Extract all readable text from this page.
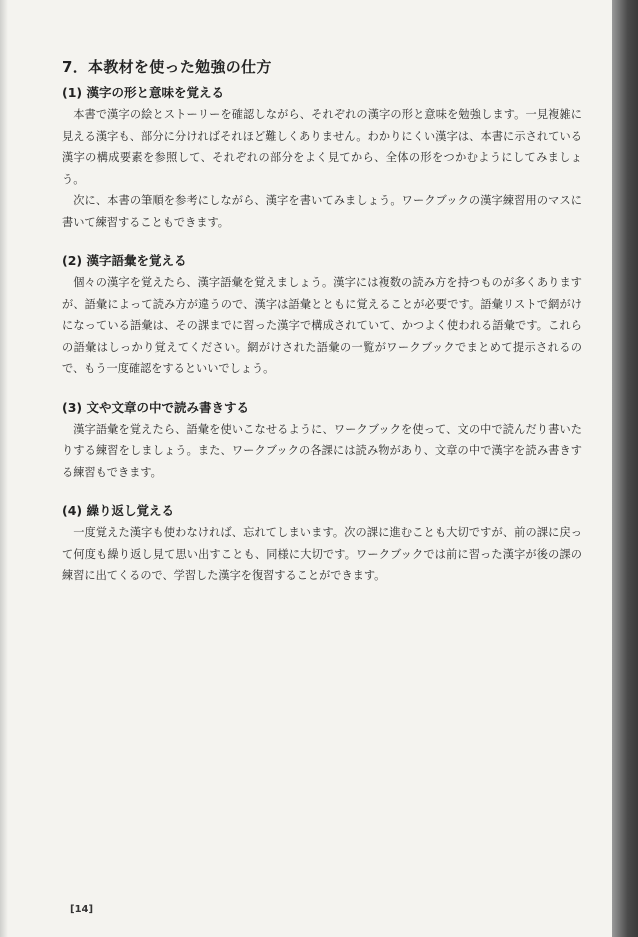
7．本教材を使った勉強の仕方
(1) 漢字の形と意味を覚える

本書で漢字の絵とストーリーを確認しながら、それぞれの漢字の形と意味を勉強します。一見複雑に見える漢字も、部分に分ければそれほど難しくありません。わかりにくい漢字は、本書に示されている漢字の構成要素を参照して、それぞれの部分をよく見てから、全体の形をつかむようにしてみましょう。

次に、本書の筆順を参考にしながら、漢字を書いてみましょう。ワークブックの漢字練習用のマスに書いて練習することもできます。

(2) 漢字語彙を覚える

個々の漢字を覚えたら、漢字語彙を覚えましょう。漢字には複数の読み方を持つものが多くありますが、語彙によって読み方が違うので、漢字は語彙とともに覚えることが必要です。語彙リストで網がけになっている語彙は、その課までに習った漢字で構成されていて、かつよく使われる語彙です。これらの語彙はしっかり覚えてください。網がけされた語彙の一覧がワークブックでまとめて提示されるので、もう一度確認をするといいでしょう。

(3) 文や文章の中で読み書きする

漢字語彙を覚えたら、語彙を使いこなせるように、ワークブックを使って、文の中で読んだり書いたりする練習をしましょう。また、ワークブックの各課には読み物があり、文章の中で漢字を読み書きする練習もできます。

(4) 繰り返し覚える

一度覚えた漢字も使わなければ、忘れてしまいます。次の課に進むことも大切ですが、前の課に戻って何度も繰り返し見て思い出すことも、同様に大切です。ワークブックでは前に習った漢字が後の課の練習に出てくるので、学習した漢字を復習することができます。

[14]
